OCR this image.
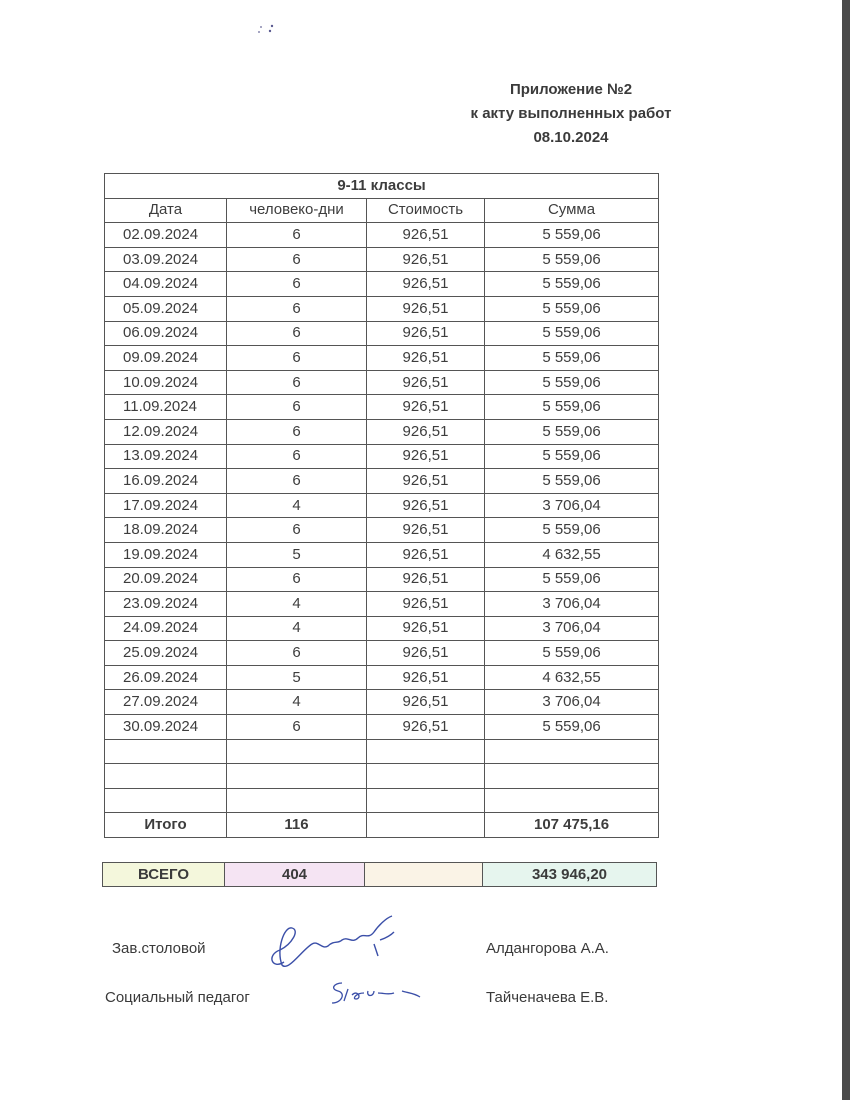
Приложение №2
к акту выполненных работ
08.10.2024
9-11 классы			
Дата	человеко-дни	Стоимость	Сумма
02.09.2024	6	926,51	5 559,06
03.09.2024	6	926,51	5 559,06
04.09.2024	6	926,51	5 559,06
05.09.2024	6	926,51	5 559,06
06.09.2024	6	926,51	5 559,06
09.09.2024	6	926,51	5 559,06
10.09.2024	6	926,51	5 559,06
11.09.2024	6	926,51	5 559,06
12.09.2024	6	926,51	5 559,06
13.09.2024	6	926,51	5 559,06
16.09.2024	6	926,51	5 559,06
17.09.2024	4	926,51	3 706,04
18.09.2024	6	926,51	5 559,06
19.09.2024	5	926,51	4 632,55
20.09.2024	6	926,51	5 559,06
23.09.2024	4	926,51	3 706,04
24.09.2024	4	926,51	3 706,04
25.09.2024	6	926,51	5 559,06
26.09.2024	5	926,51	4 632,55
27.09.2024	4	926,51	3 706,04
30.09.2024	6	926,51	5 559,06

Итого	116		107 475,16
ВСЕГО	404		343 946,20
Зав.столовой	Алдангорова А.А.
Социальный педагог	Тайченачева Е.В.
